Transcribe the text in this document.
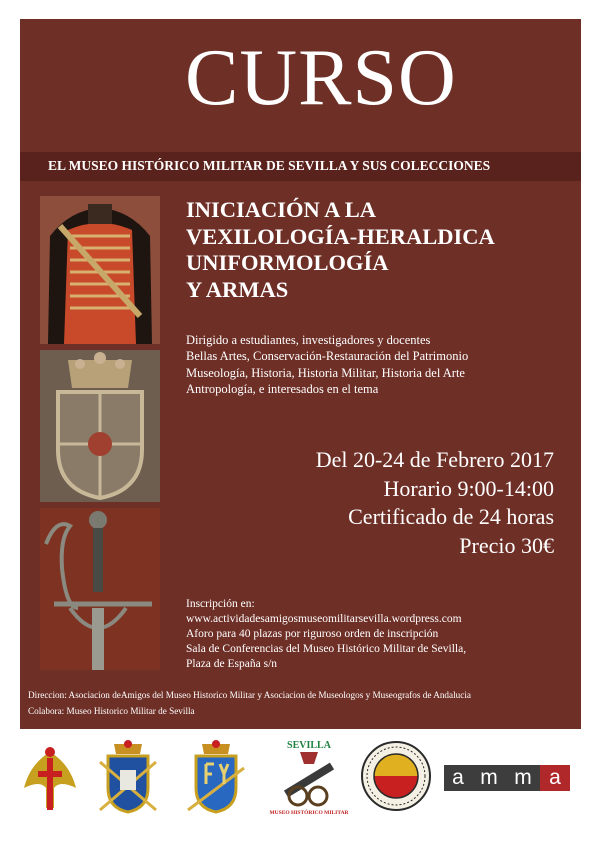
CURSO
EL MUSEO HISTÓRICO MILITAR DE SEVILLA Y SUS COLECCIONES
INICIACIÓN A LA
VEXILOLOGÍA-HERALDICA
UNIFORMOLOGÍA
Y ARMAS
Dirigido a estudiantes, investigadores y docentes
Bellas Artes, Conservación-Restauración del Patrimonio
Museología, Historia, Historia Militar, Historia del Arte
Antropología, e interesados en el tema
Del 20-24 de Febrero 2017
Horario 9:00-14:00
Certificado de 24 horas
Precio 30€
Inscripción en:
www.actividadesamigosmuseomilitarsevilla.wordpress.com
Aforo para 40 plazas por riguroso orden de inscripción
Sala de Conferencias del Museo Histórico Militar de Sevilla,
Plaza de España s/n
Direccion: Asociacion deAmigos del Museo Historico Militar y Asociacion de Museologos y Museografos de Andalucia
Colabora: Museo Historico Militar de Sevilla
SEVILLA
MUSEO HISTÓRICO MILITAR
a m m a
